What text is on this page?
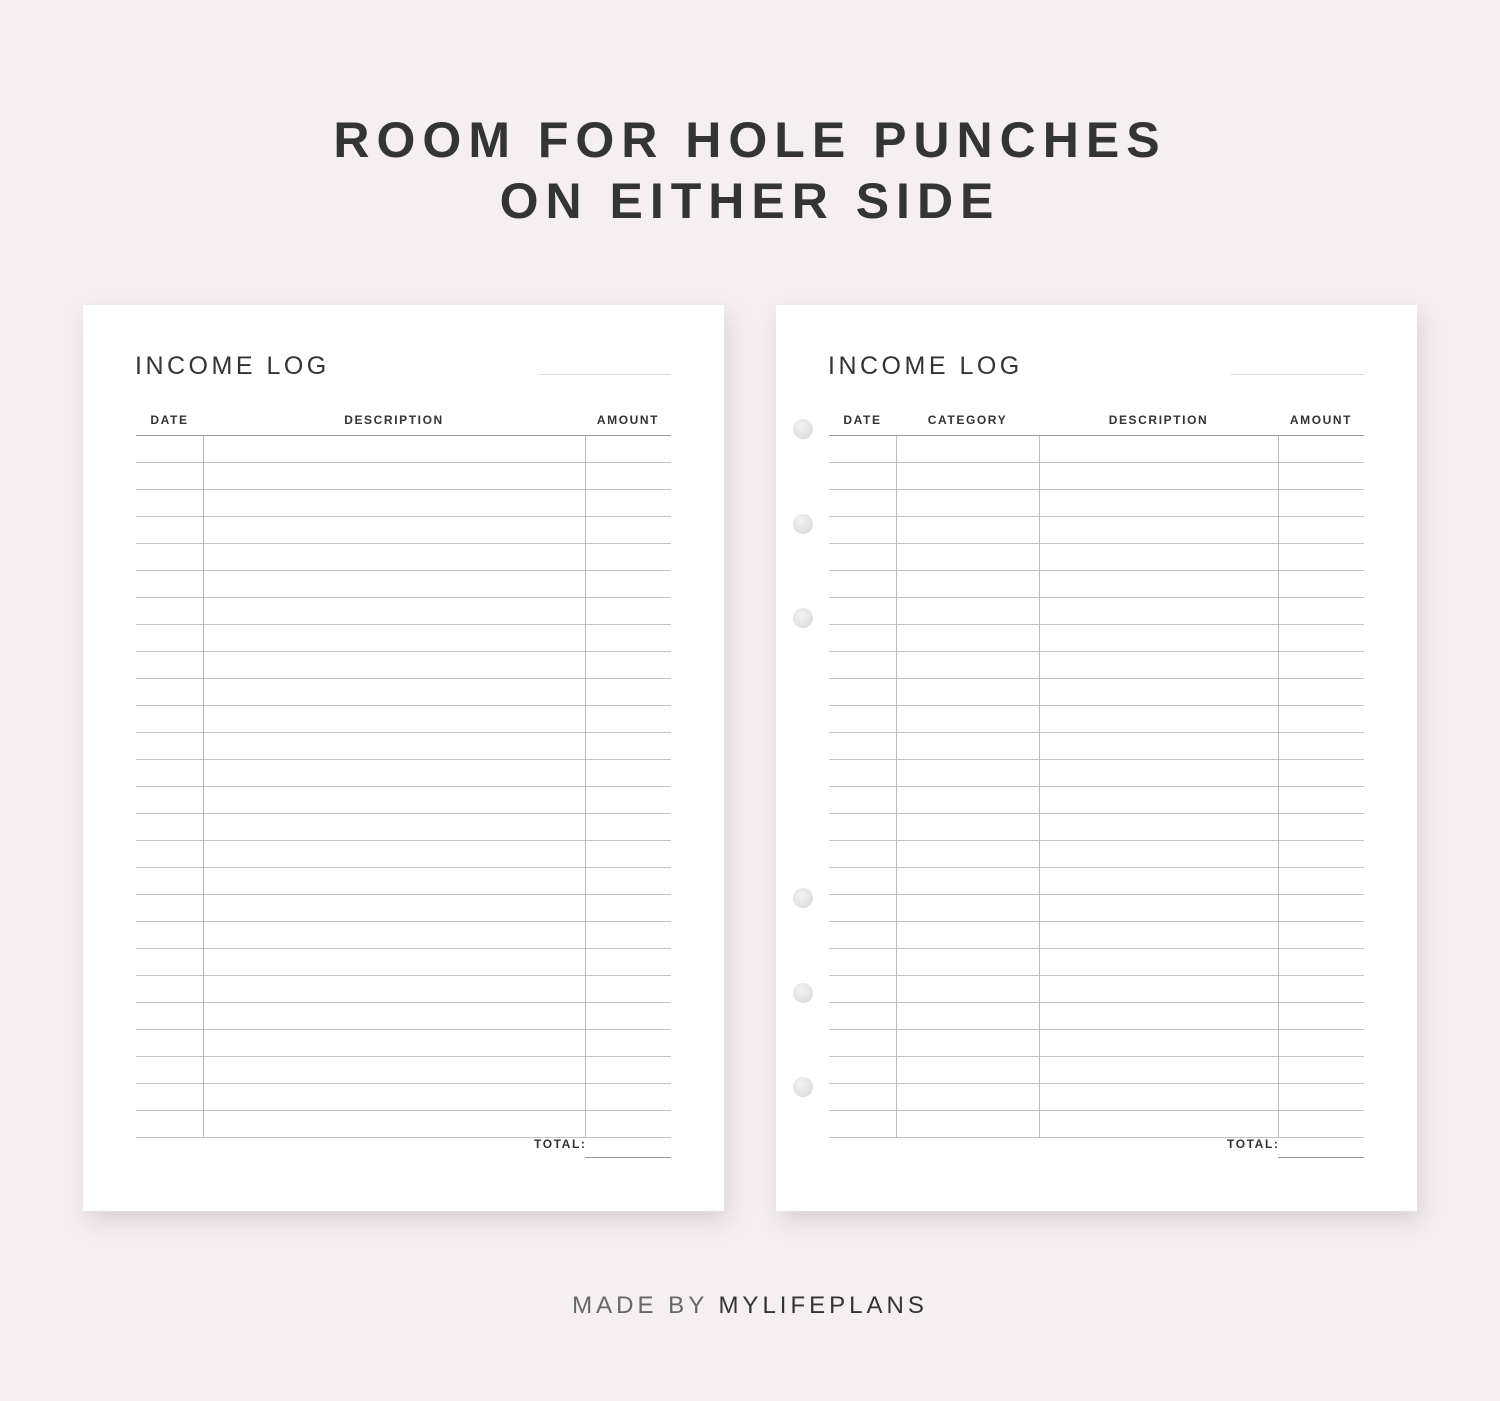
ROOM FOR HOLE PUNCHES
ON EITHER SIDE
INCOME LOG
DATE	DESCRIPTION	AMOUNT
TOTAL:
INCOME LOG
DATE	CATEGORY	DESCRIPTION	AMOUNT
TOTAL:
MADE BY MYLIFEPLANS
